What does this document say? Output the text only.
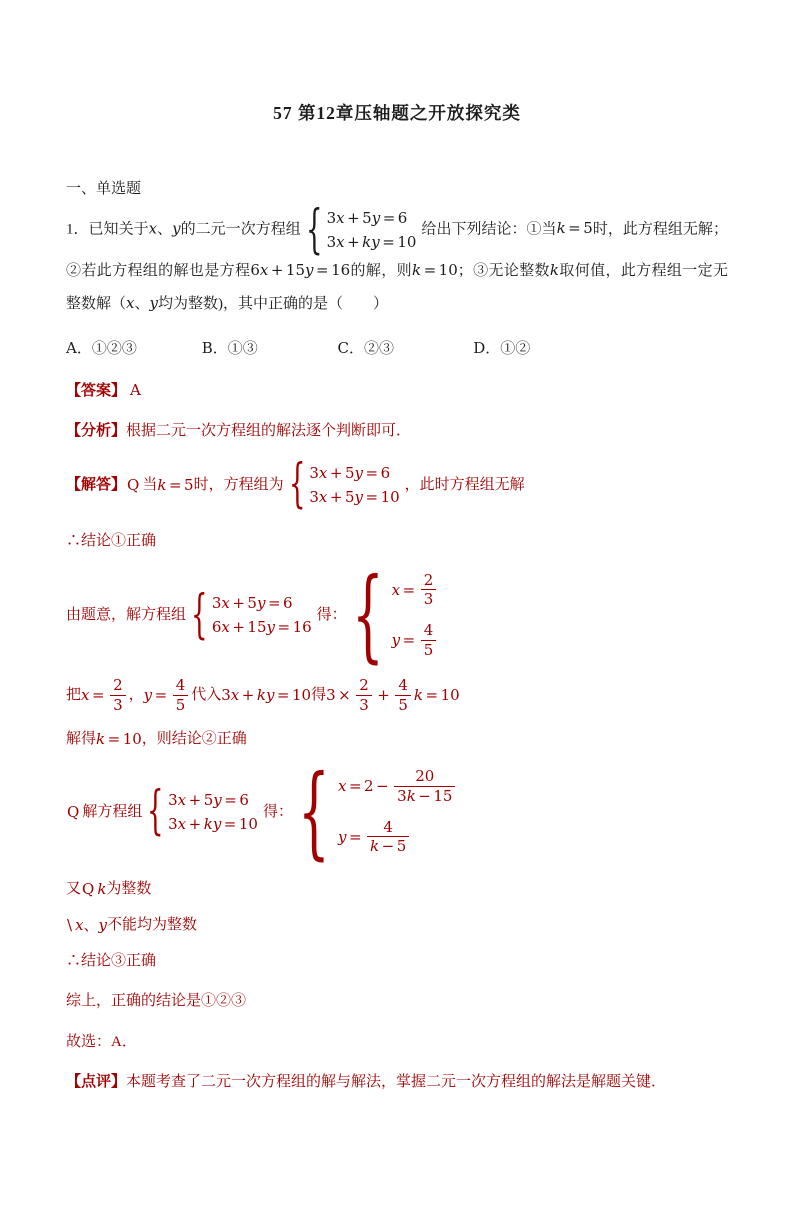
57 第12章压轴题之开放探究类
一、单选题

1．已知关于x、y的二元一次方程组 { 3x + 5y = 6
3x + ky = 10
给出下列结论：①当k = 5时，此方程组无解；②若此方程组的解也是方程6x + 15y = 16的解，则k = 10；③无论整数k取何值，此方程组一定无整数解（x、y均为整数)，其中正确的是（　　）

A．①②③	B．①③	C．②③	D．①②

【答案】 A

【分析】根据二元一次方程组的解法逐个判断即可．

【解答】 Q 当 k = 5 时，方程组为 { 3x + 5y = 6
3x + 5y = 10
，此时方程组无解

∴结论①正确

由题意，解方程组 { 3x + 5y = 6
6x + 15y = 16
得： { $x = \frac{2}{3}$
$y = \frac{4}{5}$
把 $x = \frac{2}{3}$ ， $y = \frac{4}{5}$ 代入 3x + ky = 10 得 $3 \times \frac{2}{3} + \frac{4}{5}$ k = 10
解得 k = 10 ，则结论②正确
Q 解方程组 { 3x + 5y = 6
3x + ky = 10
得： { $x = 2 - \frac{20}{3k - 15}$
$y = \frac{4}{k - 5}$
又 Q k 为整数
\ x、y 不能均为整数

∴结论③正确

综上，正确的结论是①②③

故选：A．

【点评】本题考查了二元一次方程组的解与解法，掌握二元一次方程组的解法是解题关键．
